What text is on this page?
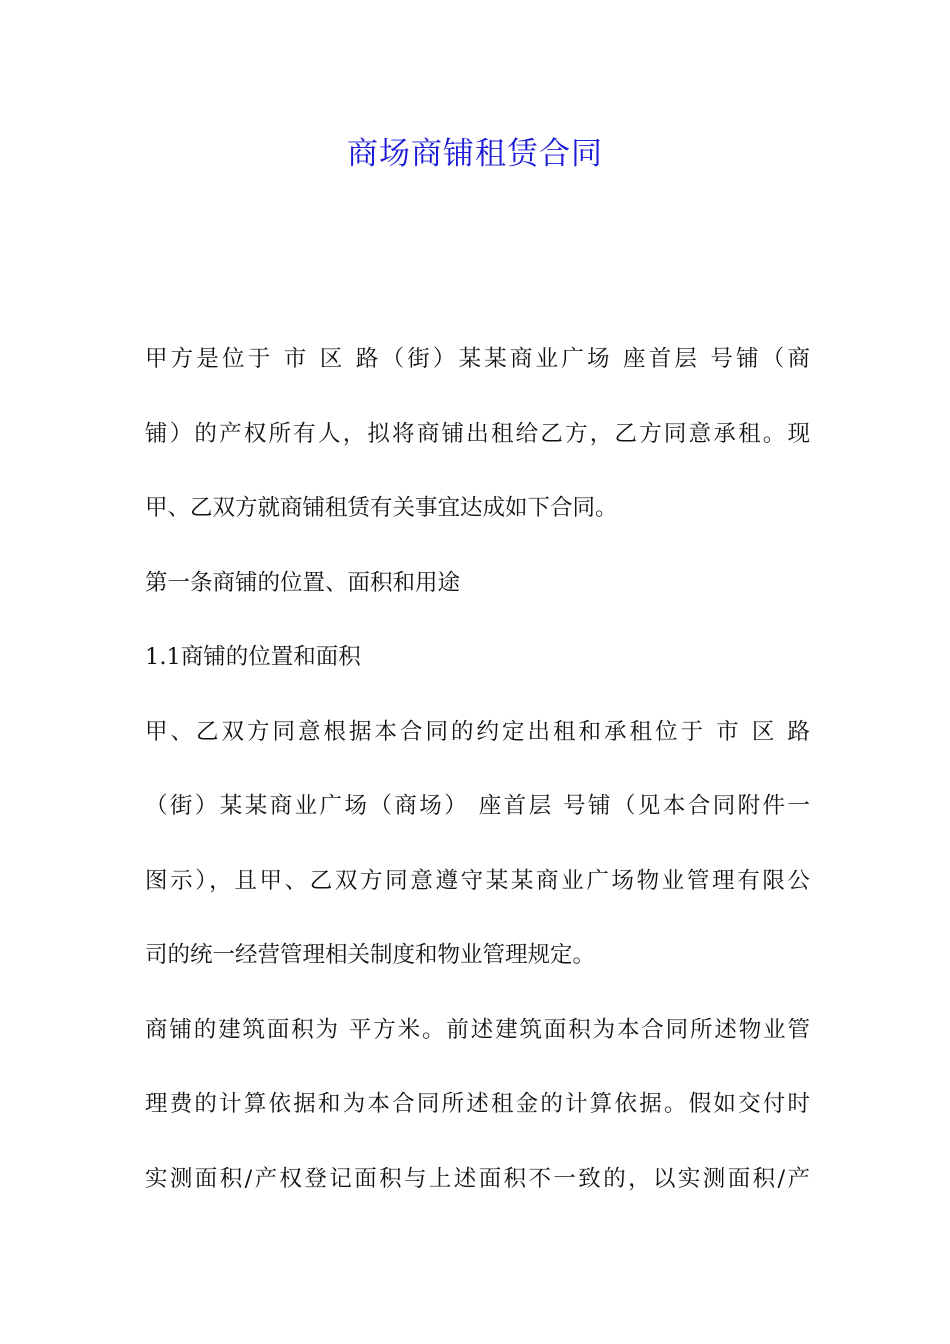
商场商铺租赁合同
甲方是位于 市 区 路（街）某某商业广场 座首层 号铺（商
铺）的产权所有人，拟将商铺出租给乙方，乙方同意承租。现
甲、乙双方就商铺租赁有关事宜达成如下合同。
第一条商铺的位置、面积和用途
1.1商铺的位置和面积
甲、乙双方同意根据本合同的约定出租和承租位于 市 区 路
（街）某某商业广场（商场） 座首层 号铺（见本合同附件一
图示），且甲、乙双方同意遵守某某商业广场物业管理有限公
司的统一经营管理相关制度和物业管理规定。
商铺的建筑面积为 平方米。前述建筑面积为本合同所述物业管
理费的计算依据和为本合同所述租金的计算依据。假如交付时
实测面积/产权登记面积与上述面积不一致的，以实测面积/产
